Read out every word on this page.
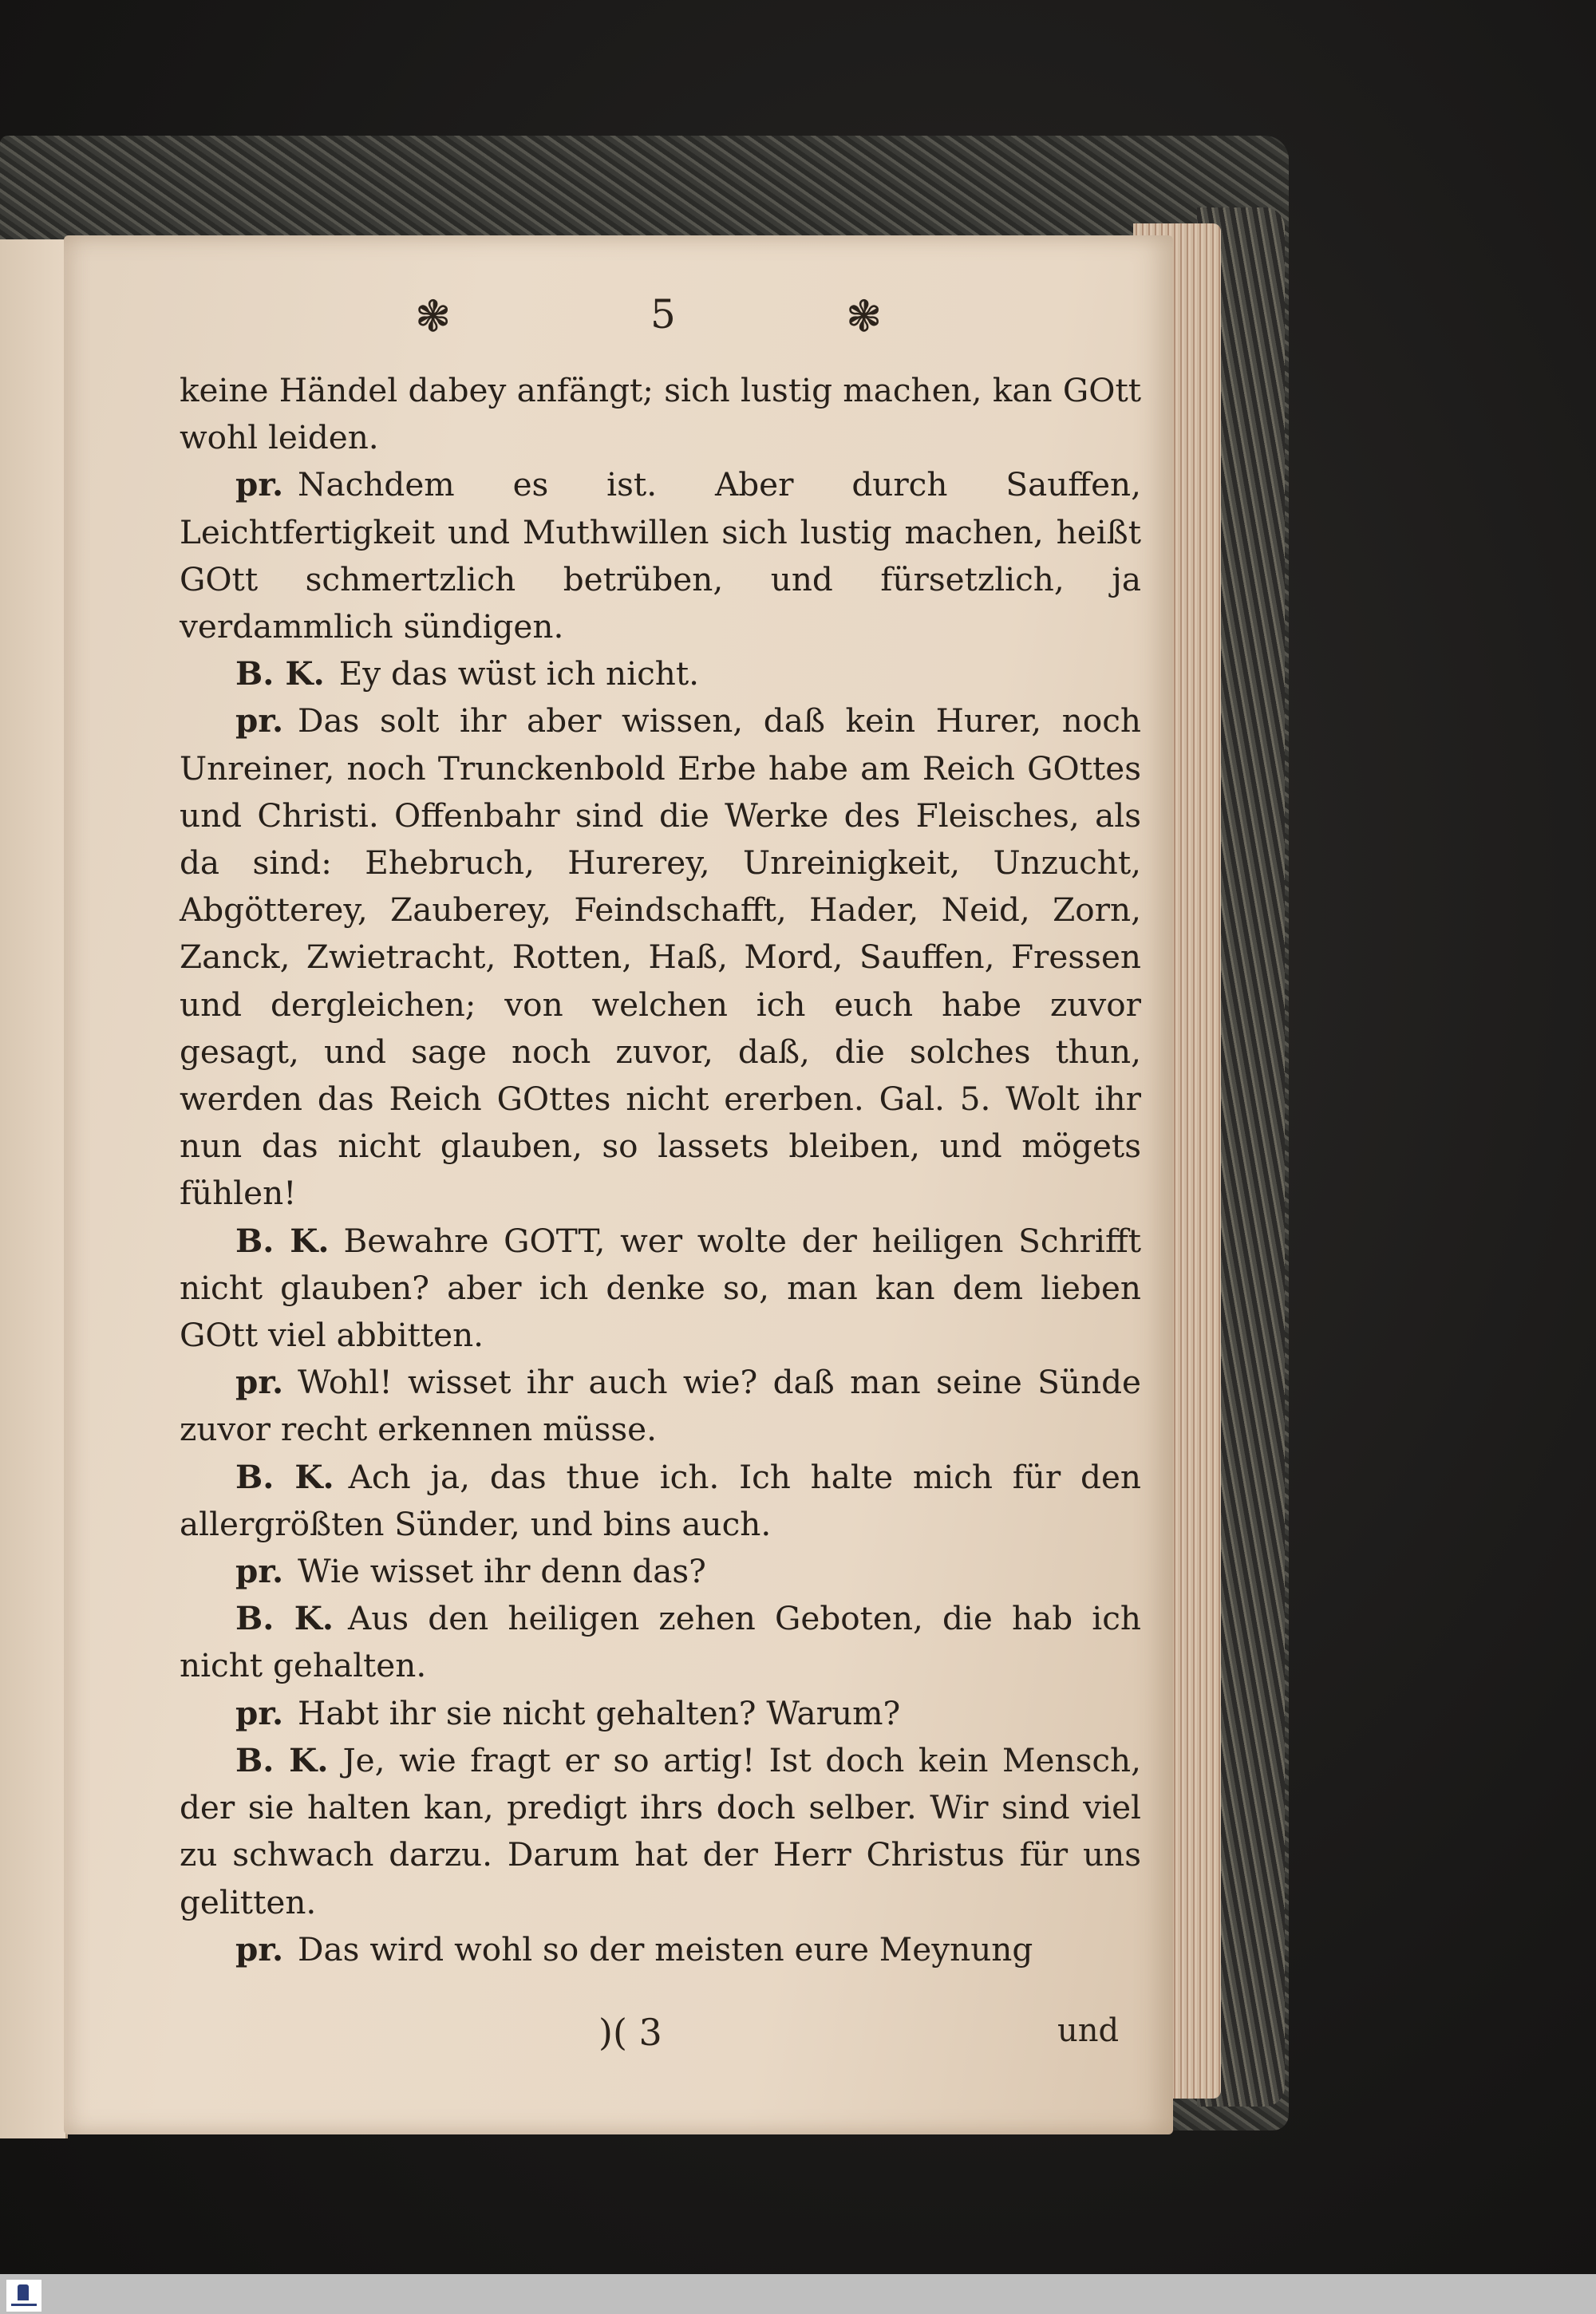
❃	5	❃

keine Händel dabey anfängt; sich lustig machen, kan GOtt wohl leiden.

pr. Nachdem es ist. Aber durch Sauffen, Leichtfertigkeit und Muthwillen sich lustig machen, heißt GOtt schmertzlich betrüben, und fürsetzlich, ja verdammlich sündigen.

B. K. Ey das wüst ich nicht.

pr. Das solt ihr aber wissen, daß kein Hurer, noch Unreiner, noch Trunckenbold Erbe habe am Reich GOttes und Christi. Offenbahr sind die Werke des Fleisches, als da sind: Ehebruch, Hurerey, Unreinigkeit, Unzucht, Abgötterey, Zauberey, Feindschafft, Hader, Neid, Zorn, Zanck, Zwietracht, Rotten, Haß, Mord, Sauffen, Fressen und dergleichen; von welchen ich euch habe zuvor gesagt, und sage noch zuvor, daß, die solches thun, werden das Reich GOttes nicht ererben. Gal. 5. Wolt ihr nun das nicht glauben, so lassets bleiben, und mögets fühlen!

B. K. Bewahre GOTT, wer wolte der heiligen Schrifft nicht glauben? aber ich denke so, man kan dem lieben GOtt viel abbitten.

pr. Wohl! wisset ihr auch wie? daß man seine Sünde zuvor recht erkennen müsse.

B. K. Ach ja, das thue ich. Ich halte mich für den allergrößten Sünder, und bins auch.

pr. Wie wisset ihr denn das?

B. K. Aus den heiligen zehen Geboten, die hab ich nicht gehalten.

pr. Habt ihr sie nicht gehalten? Warum?

B. K. Je, wie fragt er so artig! Ist doch kein Mensch, der sie halten kan, predigt ihrs doch selber. Wir sind viel zu schwach darzu. Darum hat der Herr Christus für uns gelitten.

pr. Das wird wohl so der meisten eure Meynung

)( 3	und
